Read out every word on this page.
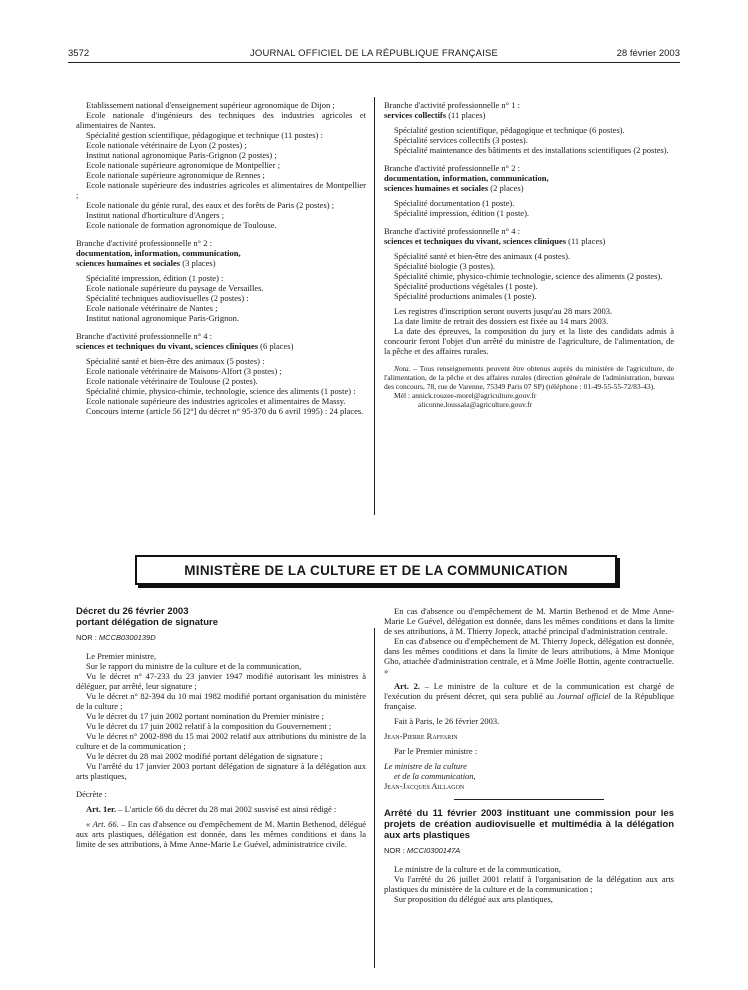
3572	JOURNAL OFFICIEL DE LA RÉPUBLIQUE FRANÇAISE	28 février 2003

Etablissement national d'enseignement supérieur agronomique de Dijon ;

Ecole nationale d'ingénieurs des techniques des industries agricoles et alimentaires de Nantes.

Spécialité gestion scientifique, pédagogique et technique (11 postes) :

Ecole nationale vétérinaire de Lyon (2 postes) ;

Institut national agronomique Paris-Grignon (2 postes) ;

Ecole nationale supérieure agronomique de Montpellier ;

Ecole nationale supérieure agronomique de Rennes ;

Ecole nationale supérieure des industries agricoles et alimentaires de Montpellier ;

Ecole nationale du génie rural, des eaux et des forêts de Paris (2 postes) ;

Institut national d'horticulture d'Angers ;

Ecole nationale de formation agronomique de Toulouse.

Branche d'activité professionnelle n° 2 :

documentation, information, communication,

sciences humaines et sociales (3 places)

Spécialité impression, édition (1 poste) :

Ecole nationale supérieure du paysage de Versailles.

Spécialité techniques audiovisuelles (2 postes) :

Ecole nationale vétérinaire de Nantes ;

Institut national agronomique Paris-Grignon.

Branche d'activité professionnelle n° 4 :

sciences et techniques du vivant, sciences cliniques (6 places)

Spécialité santé et bien-être des animaux (5 postes) :

Ecole nationale vétérinaire de Maisons-Alfort (3 postes) ;

Ecole nationale vétérinaire de Toulouse (2 postes).

Spécialité chimie, physico-chimie, technologie, science des aliments (1 poste) :

Ecole nationale supérieure des industries agricoles et alimentaires de Massy.

Concours interne (article 56 [2°] du décret n° 95-370 du 6 avril 1995) : 24 places.

Branche d'activité professionnelle n° 1 :

services collectifs (11 places)

Spécialité gestion scientifique, pédagogique et technique (6 postes).

Spécialité services collectifs (3 postes).

Spécialité maintenance des bâtiments et des installations scientifiques (2 postes).

Branche d'activité professionnelle n° 2 :

documentation, information, communication,

sciences humaines et sociales (2 places)

Spécialité documentation (1 poste).

Spécialité impression, édition (1 poste).

Branche d'activité professionnelle n° 4 :

sciences et techniques du vivant, sciences cliniques (11 places)

Spécialité santé et bien-être des animaux (4 postes).

Spécialité biologie (3 postes).

Spécialité chimie, physico-chimie technologie, science des aliments (2 postes).

Spécialité productions végétales (1 poste).

Spécialité productions animales (1 poste).

Les registres d'inscription seront ouverts jusqu'au 28 mars 2003.

La date limite de retrait des dossiers est fixée au 14 mars 2003.

La date des épreuves, la composition du jury et la liste des candidats admis à concourir feront l'objet d'un arrêté du ministre de l'agriculture, de l'alimentation, de la pêche et des affaires rurales.

Nota. – Tous renseignements peuvent être obtenus auprès du ministère de l'agriculture, de l'alimentation, de la pêche et des affaires rurales (direction générale de l'administration, bureau des concours, 78, rue de Varenne, 75349 Paris 07 SP) (téléphone : 01-49-55-55-72/83-43).

Mél : annick.rouzee-morel@agriculture.gouv.fr

aliconne.loussala@agriculture.gouv.fr

MINISTÈRE DE LA CULTURE ET DE LA COMMUNICATION

Décret du 26 février 2003

portant délégation de signature

NOR : MCCB0300139D

Le Premier ministre,

Sur le rapport du ministre de la culture et de la communication,

Vu le décret n° 47-233 du 23 janvier 1947 modifié autorisant les ministres à déléguer, par arrêté, leur signature ;

Vu le décret n° 82-394 du 10 mai 1982 modifié portant organisation du ministère de la culture ;

Vu le décret du 17 juin 2002 portant nomination du Premier ministre ;

Vu le décret du 17 juin 2002 relatif à la composition du Gouvernement ;

Vu le décret n° 2002-898 du 15 mai 2002 relatif aux attributions du ministre de la culture et de la communication ;

Vu le décret du 28 mai 2002 modifié portant délégation de signature ;

Vu l'arrêté du 17 janvier 2003 portant délégation de signature à la délégation aux arts plastiques,

Décrète :

Art. 1er. – L'article 66 du décret du 28 mai 2002 susvisé est ainsi rédigé :

« Art. 66. – En cas d'absence ou d'empêchement de M. Martin Bethenod, délégué aux arts plastiques, délégation est donnée, dans les mêmes conditions et dans la limite de ses attributions, à Mme Anne-Marie Le Guével, administratrice civile.

En cas d'absence ou d'empêchement de M. Martin Bethenod et de Mme Anne-Marie Le Guével, délégation est donnée, dans les mêmes conditions et dans la limite de ses attributions, à M. Thierry Jopeck, attaché principal d'administration centrale.

En cas d'absence ou d'empêchement de M. Thierry Jopeck, délégation est donnée, dans les mêmes conditions et dans la limite de leurs attributions, à Mme Monique Gho, attachée d'administration centrale, et à Mme Joëlle Bottin, agente contractuelle. »

Art. 2. – Le ministre de la culture et de la communication est chargé de l'exécution du présent décret, qui sera publié au Journal officiel de la République française.

Fait à Paris, le 26 février 2003.

Jean-Pierre Raffarin

Par le Premier ministre :

Le ministre de la culture

et de la communication,

Jean-Jacques Aillagon

Arrêté du 11 février 2003 instituant une commission pour les projets de création audiovisuelle et multimédia à la délégation aux arts plastiques

NOR : MCCI0300147A

Le ministre de la culture et de la communication,

Vu l'arrêté du 26 juillet 2001 relatif à l'organisation de la délégation aux arts plastiques du ministère de la culture et de la communication ;

Sur proposition du délégué aux arts plastiques,
